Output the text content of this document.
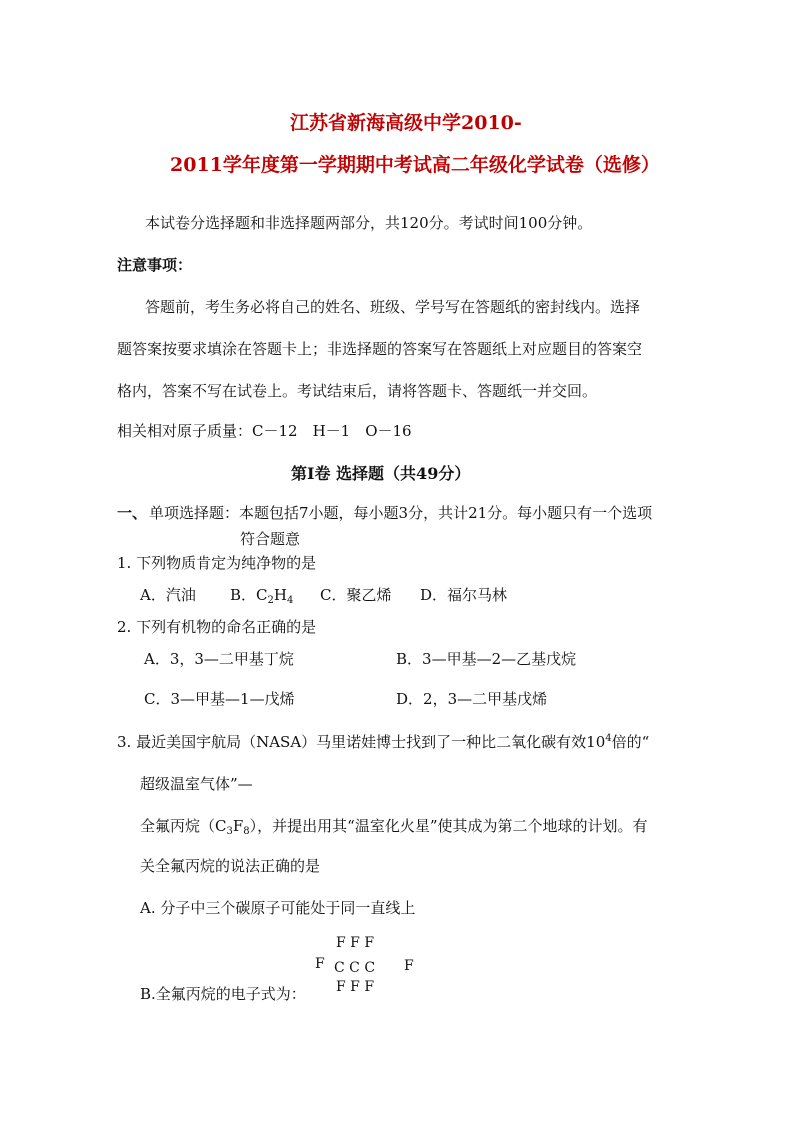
江苏省新海高级中学2010-
2011学年度第一学期期中考试高二年级化学试卷（选修）
本试卷分选择题和非选择题两部分，共120分。考试时间100分钟。
注意事项：
答题前，考生务必将自己的姓名、班级、学号写在答题纸的密封线内。选择
题答案按要求填涂在答题卡上；非选择题的答案写在答题纸上对应题目的答案空
格内，答案不写在试卷上。考试结束后，请将答题卡、答题纸一并交回。
相关相对原子质量：C－12　H－1　O－16
第Ⅰ卷 选择题（共49分）
一、 单项选择题：本题包括7小题，每小题3分，共计21分。每小题只有一个选项
符合题意
1. 下列物质肯定为纯净物的是
A．汽油 B．$C_2H_4$ C．聚乙烯 D．福尔马林
2. 下列有机物的命名正确的是
A．3，3—二甲基丁烷	B．3—甲基—2—乙基戊烷
C．3—甲基—1—戊烯	D．2，3—二甲基戊烯
3. 最近美国宇航局（NASA）马里诺娃博士找到了一种比二氧化碳有效$10^4$倍的“
超级温室气体”—
全氟丙烷$(C_3F_8)$，并提出用其“温室化火星”使其成为第二个地球的计划。有
关全氟丙烷的说法正确的是
A. 分子中三个碳原子可能处于同一直线上
F F F
F C C C F
B.全氟丙烷的电子式为： F F F
